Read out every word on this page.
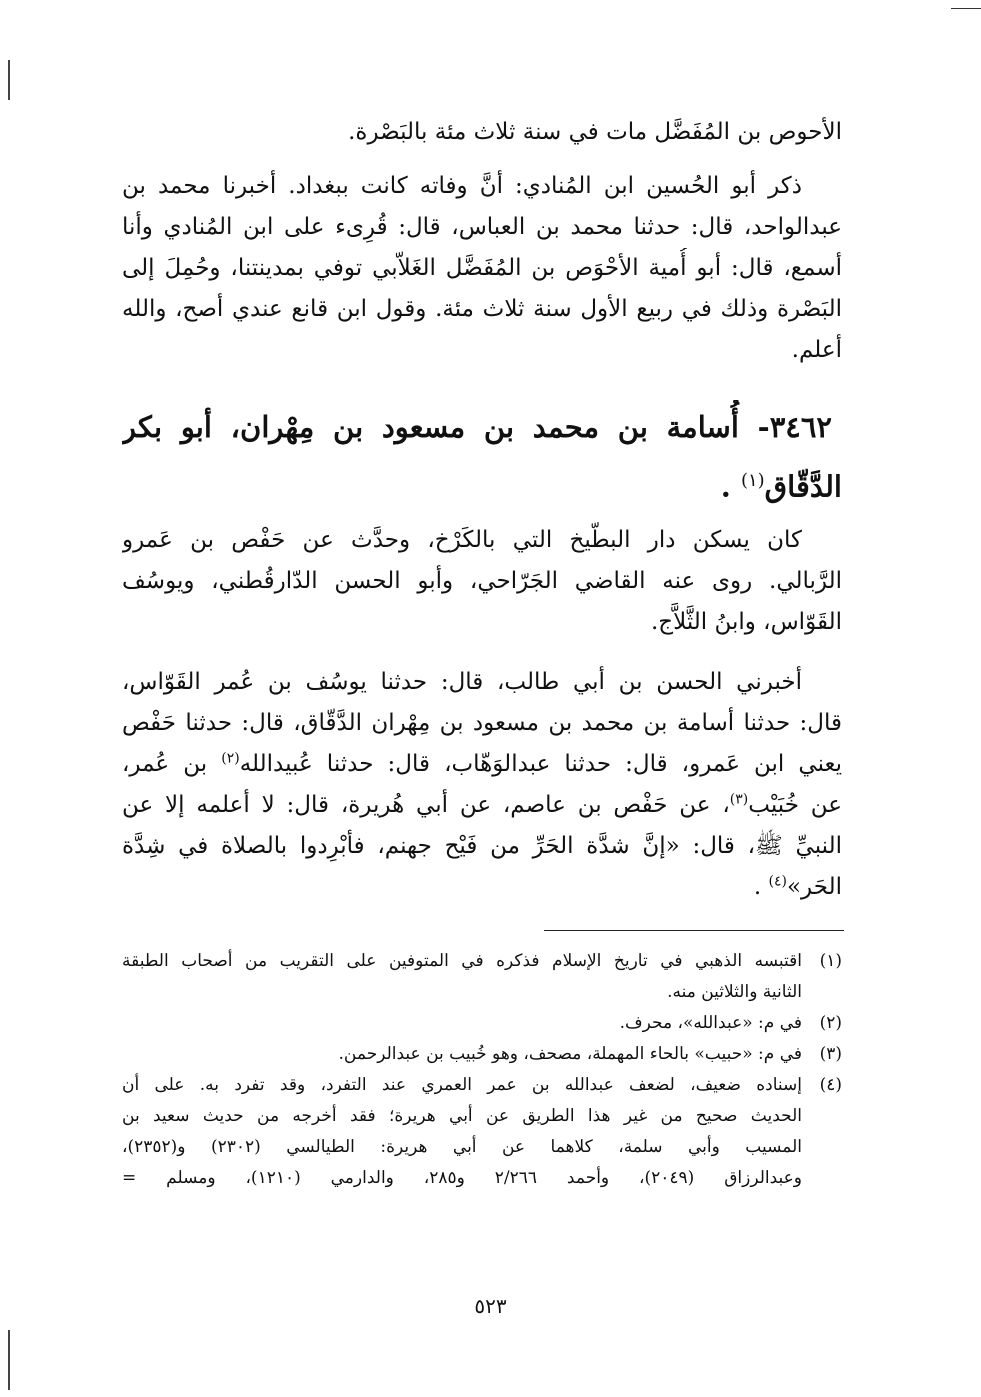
الأحوص بن المُفَضَّل مات في سنة ثلاث مئة بالبَصْرة.
ذكر أبو الحُسين ابن المُنادي: أنَّ وفاته كانت ببغداد. أخبرنا محمد بن
عبدالواحد، قال: حدثنا محمد بن العباس، قال: قُرِىء على ابن المُنادي وأنا
أسمع، قال: أبو أُمية الأحْوَص بن المُفَضَّل الغَلاّبي توفي بمدينتنا، وحُمِلَ إلى
البَصْرة وذلك في ربيع الأول سنة ثلاث مئة. وقول ابن قانع عندي أصح، والله
أعلم.
٣٤٦٢- أُسامة بن محمد بن مسعود بن مِهْران، أبو بكر
الدَّقّاق$^{(١)}$ .
كان يسكن دار البطّيخ التي بالكَرْخ، وحدَّث عن حَفْص بن عَمرو
الرَّبالي. روى عنه القاضي الجَرّاحي، وأبو الحسن الدّارقُطني، ويوسُف
القَوّاس، وابنُ الثَّلاَّج.
أخبرني الحسن بن أبي طالب، قال: حدثنا يوسُف بن عُمر القَوّاس،
قال: حدثنا أسامة بن محمد بن مسعود بن مِهْران الدَّقّاق، قال: حدثنا حَفْص
يعني ابن عَمرو، قال: حدثنا عبدالوَهّاب، قال: حدثنا عُبيدالله$^{(٢)}$ بن عُمر،
عن خُبَيْب$^{(٣)}$، عن حَفْص بن عاصم، عن أبي هُريرة، قال: لا أعلمه إلا عن
النبيِّ ﷺ، قال: «إنَّ شدَّة الحَرِّ من فَيْح جهنم، فأبْرِدوا بالصلاة في شِدَّة
الحَر»$^{(٤)}$ .
(١)
اقتبسه الذهبي في تاريخ الإسلام فذكره في المتوفين على التقريب من أصحاب الطبقة
الثانية والثلاثين منه.
(٢)
في م: «عبدالله»، محرف.
(٣)
في م: «حبيب» بالحاء المهملة، مصحف، وهو خُبيب بن عبدالرحمن.
(٤)
إسناده ضعيف، لضعف عبدالله بن عمر العمري عند التفرد، وقد تفرد به. على أن
الحديث صحيح من غير هذا الطريق عن أبي هريرة؛ فقد أخرجه من حديث سعيد بن
المسيب وأبي سلمة، كلاهما عن أبي هريرة: الطيالسي (٢٣٠٢) و(٢٣٥٢)،
وعبدالرزاق (٢٠٤٩)، وأحمد ٢/٢٦٦ و٢٨٥، والدارمي (١٢١٠)، ومسلم =
٥٢٣
